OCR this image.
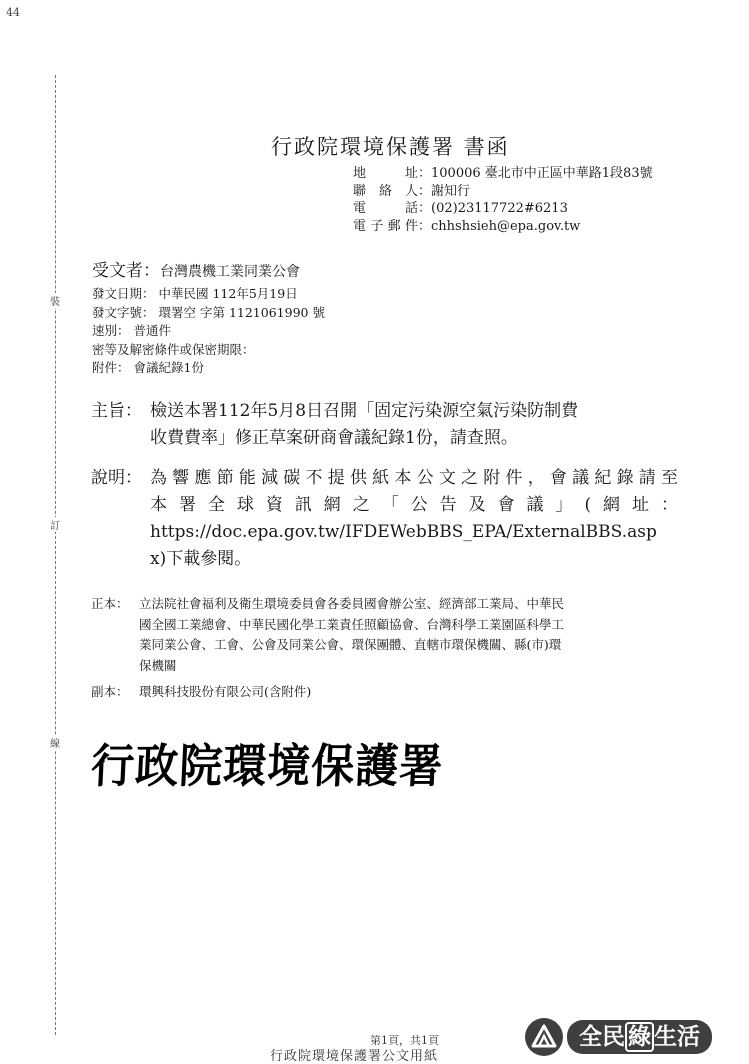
44
裝
訂
線
行政院環境保護署 書函
地　址：100006 臺北市中正區中華路1段83號
聯絡人：謝知行
電　話：(02)23117722#6213
電子郵件：chhshsieh@epa.gov.tw
受文者：台灣農機工業同業公會
發文日期： 中華民國 112年5月19日
發文字號： 環署空 字第 1121061990 號
速別： 普通件
密等及解密條件或保密期限：
附件： 會議紀錄1份
主旨： 檢送本署112年5月8日召開「固定污染源空氣污染防制費
收費費率」修正草案研商會議紀錄1份，請查照。
說明： 為響應節能減碳不提供紙本公文之附件，會議紀錄請至
本署全球資訊網之「公告及會議」(網址：
https://doc.epa.gov.tw/IFDEWebBBS_EPA/ExternalBBS.asp
x)下載參閱。
正本： 立法院社會福利及衛生環境委員會各委員國會辦公室、經濟部工業局、中華民
國全國工業總會、中華民國化學工業責任照顧協會、台灣科學工業園區科學工
業同業公會、工會、公會及同業公會、環保團體、直轄市環保機關、縣(市)環
保機關
副本： 環興科技股份有限公司(含附件)
行政院環境保護署
第1頁，共1頁
行政院環境保護署公文用紙
全民 綠 生活
